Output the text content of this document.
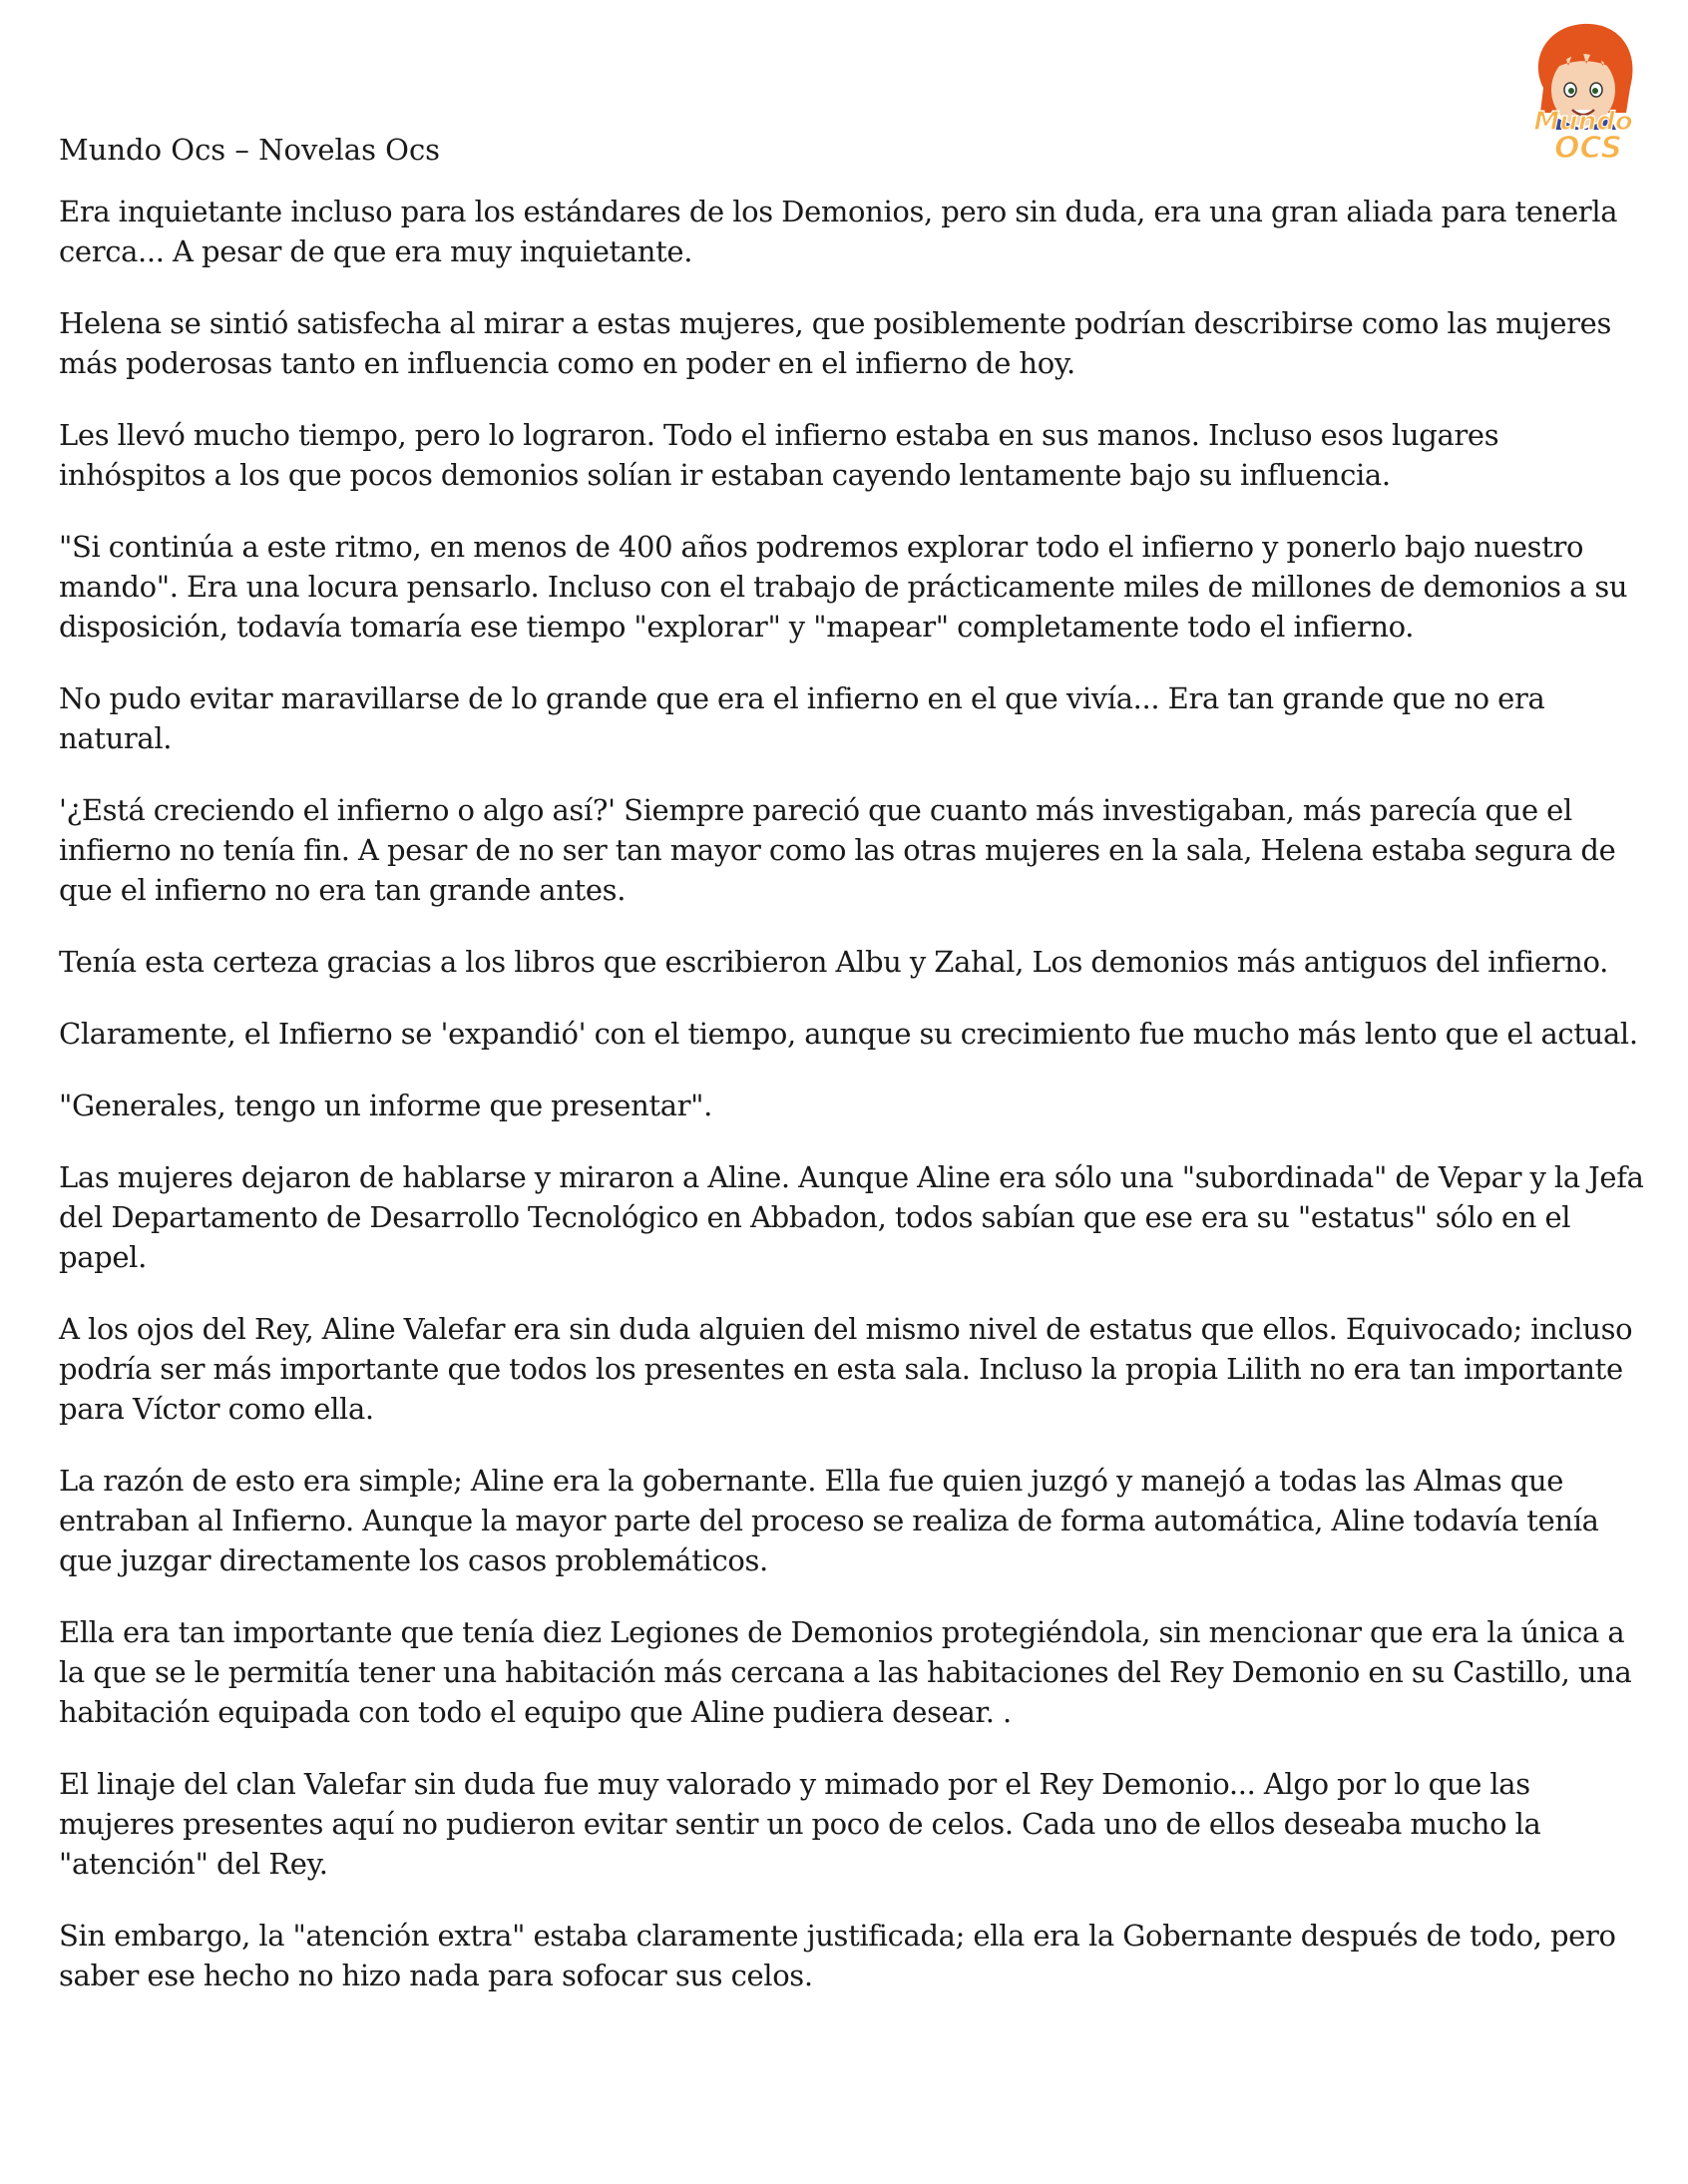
Mundo
OCS

Mundo Ocs – Novelas Ocs

Era inquietante incluso para los estándares de los Demonios, pero sin duda, era una gran aliada para tenerla cerca... A pesar de que era muy inquietante.

Helena se sintió satisfecha al mirar a estas mujeres, que posiblemente podrían describirse como las mujeres más poderosas tanto en influencia como en poder en el infierno de hoy.

Les llevó mucho tiempo, pero lo lograron. Todo el infierno estaba en sus manos. Incluso esos lugares inhóspitos a los que pocos demonios solían ir estaban cayendo lentamente bajo su influencia.

"Si continúa a este ritmo, en menos de 400 años podremos explorar todo el infierno y ponerlo bajo nuestro mando". Era una locura pensarlo. Incluso con el trabajo de prácticamente miles de millones de demonios a su disposición, todavía tomaría ese tiempo "explorar" y "mapear" completamente todo el infierno.

No pudo evitar maravillarse de lo grande que era el infierno en el que vivía... Era tan grande que no era natural.

'¿Está creciendo el infierno o algo así?' Siempre pareció que cuanto más investigaban, más parecía que el infierno no tenía fin. A pesar de no ser tan mayor como las otras mujeres en la sala, Helena estaba segura de que el infierno no era tan grande antes.

Tenía esta certeza gracias a los libros que escribieron Albu y Zahal, Los demonios más antiguos del infierno.

Claramente, el Infierno se 'expandió' con el tiempo, aunque su crecimiento fue mucho más lento que el actual.

"Generales, tengo un informe que presentar".

Las mujeres dejaron de hablarse y miraron a Aline. Aunque Aline era sólo una "subordinada" de Vepar y la Jefa del Departamento de Desarrollo Tecnológico en Abbadon, todos sabían que ese era su "estatus" sólo en el papel.

A los ojos del Rey, Aline Valefar era sin duda alguien del mismo nivel de estatus que ellos. Equivocado; incluso podría ser más importante que todos los presentes en esta sala. Incluso la propia Lilith no era tan importante para Víctor como ella.

La razón de esto era simple; Aline era la gobernante. Ella fue quien juzgó y manejó a todas las Almas que entraban al Infierno. Aunque la mayor parte del proceso se realiza de forma automática, Aline todavía tenía que juzgar directamente los casos problemáticos.

Ella era tan importante que tenía diez Legiones de Demonios protegiéndola, sin mencionar que era la única a la que se le permitía tener una habitación más cercana a las habitaciones del Rey Demonio en su Castillo, una habitación equipada con todo el equipo que Aline pudiera desear. .

El linaje del clan Valefar sin duda fue muy valorado y mimado por el Rey Demonio... Algo por lo que las mujeres presentes aquí no pudieron evitar sentir un poco de celos. Cada uno de ellos deseaba mucho la "atención" del Rey.

Sin embargo, la "atención extra" estaba claramente justificada; ella era la Gobernante después de todo, pero saber ese hecho no hizo nada para sofocar sus celos.
